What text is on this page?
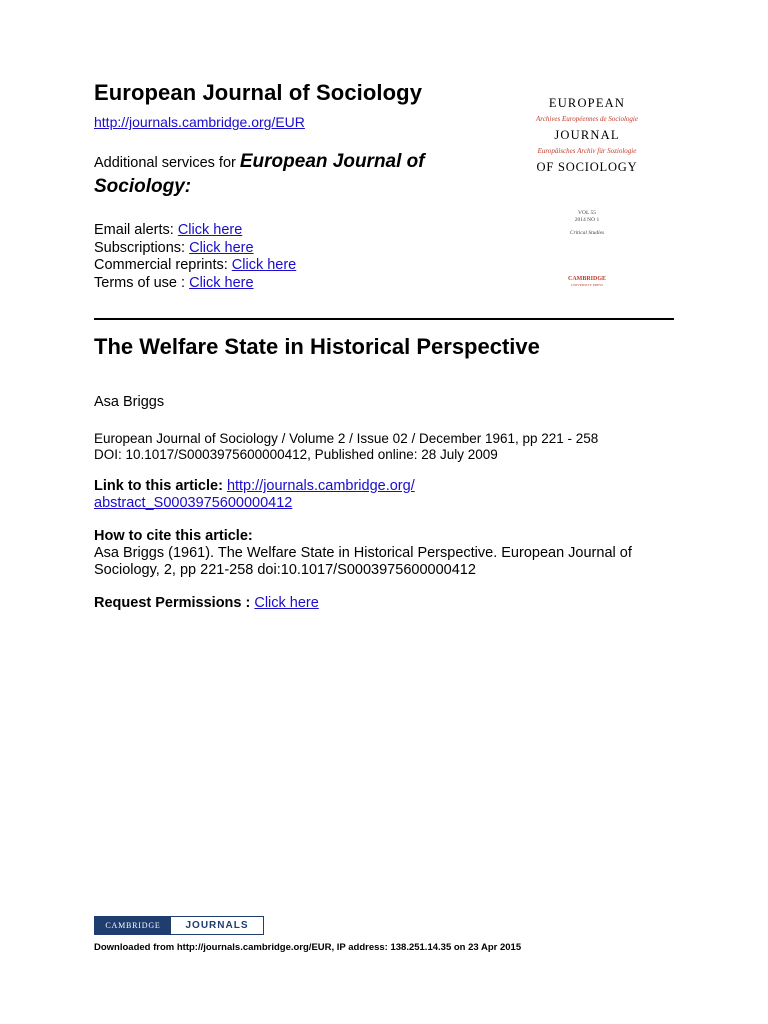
European Journal of Sociology
http://journals.cambridge.org/EUR
Additional services for European Journal of Sociology:
Email alerts: Click here
Subscriptions: Click here
Commercial reprints: Click here
Terms of use : Click here
EUROPEAN
Archives Européennes de Sociologie
JOURNAL
Europäisches Archiv für Soziologie
OF SOCIOLOGY
VOL 55
2014 NO 1
Critical Studies
CAMBRIDGE
UNIVERSITY PRESS
The Welfare State in Historical Perspective
Asa Briggs
European Journal of Sociology / Volume 2 / Issue 02 / December 1961, pp 221 - 258
DOI: 10.1017/S0003975600000412, Published online: 28 July 2009
Link to this article: http://journals.cambridge.org/
abstract_S0003975600000412
How to cite this article:
Asa Briggs (1961). The Welfare State in Historical Perspective. European Journal of Sociology, 2, pp 221-258 doi:10.1017/S0003975600000412
Request Permissions : Click here
CAMBRIDGE	JOURNALS
Downloaded from http://journals.cambridge.org/EUR, IP address: 138.251.14.35 on 23 Apr 2015
